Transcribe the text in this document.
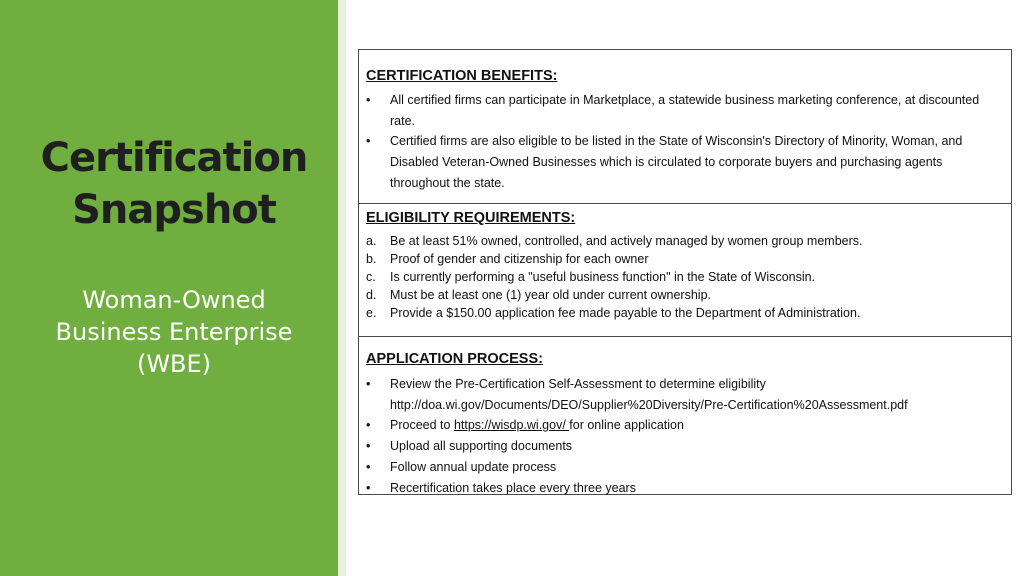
Certification
Snapshot
Woman-Owned
Business Enterprise
(WBE)
CERTIFICATION BENEFITS:
•	All certified firms can participate in Marketplace, a statewide business marketing conference, at discounted rate.
•	Certified firms are also eligible to be listed in the State of Wisconsin's Directory of Minority, Woman, and Disabled Veteran-Owned Businesses which is circulated to corporate buyers and purchasing agents throughout the state.
ELIGIBILITY REQUIREMENTS:
a.	Be at least 51% owned, controlled, and actively managed by women group members.
b.	Proof of gender and citizenship for each owner
c.	Is currently performing a "useful business function" in the State of Wisconsin.
d.	Must be at least one (1) year old under current ownership.
e.	Provide a $150.00 application fee made payable to the Department of Administration.
APPLICATION PROCESS:
•	Review the Pre-Certification Self-Assessment to determine eligibility
http://doa.wi.gov/Documents/DEO/Supplier%20Diversity/Pre-Certification%20Assessment.pdf
•	Proceed to https://wisdp.wi.gov/ for online application
•	Upload all supporting documents
•	Follow annual update process
•	Recertification takes place every three years
